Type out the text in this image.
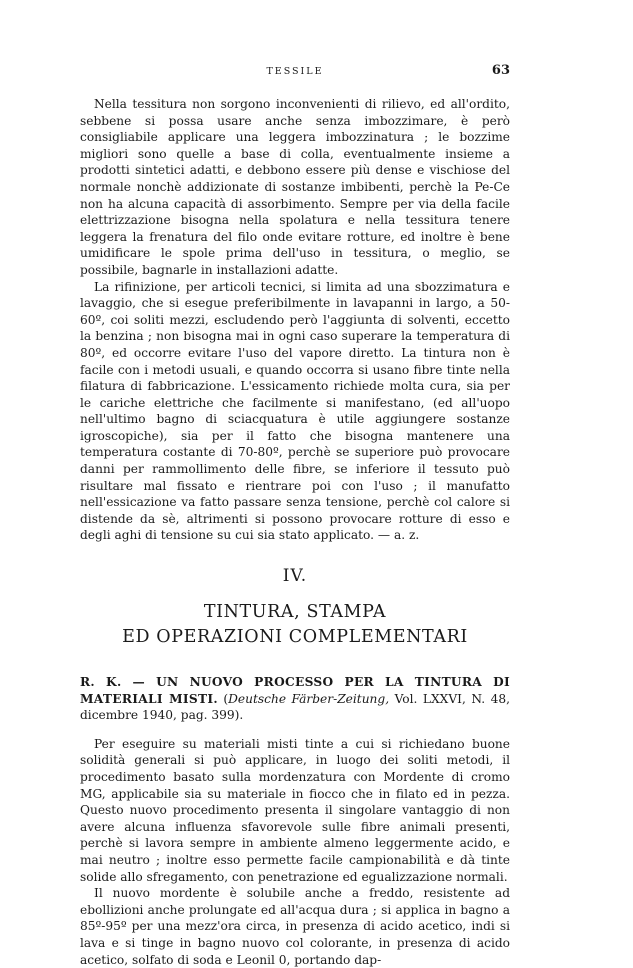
TESSILE	63

Nella tessitura non sorgono inconvenienti di rilievo, ed all'ordito, sebbene si possa usare anche senza imbozzimare, è però consigliabile applicare una leggera imbozzinatura ; le bozzime migliori sono quelle a base di colla, eventualmente insieme a prodotti sintetici adatti, e debbono essere più dense e vischiose del normale nonchè addizionate di sostanze imbibenti, perchè la Pe-Ce non ha alcuna capacità di assorbimento. Sempre per via della facile elettrizzazione bisogna nella spolatura e nella tessitura tenere leggera la frenatura del filo onde evitare rotture, ed inoltre è bene umidificare le spole prima dell'uso in tessitura, o meglio, se possibile, bagnarle in installazioni adatte.

La rifinizione, per articoli tecnici, si limita ad una sbozzimatura e lavaggio, che si esegue preferibilmente in lavapanni in largo, a 50-60º, coi soliti mezzi, escludendo però l'aggiunta di solventi, eccetto la benzina ; non bisogna mai in ogni caso superare la temperatura di 80º, ed occorre evitare l'uso del vapore diretto. La tintura non è facile con i metodi usuali, e quando occorra si usano fibre tinte nella filatura di fabbricazione. L'essicamento richiede molta cura, sia per le cariche elettriche che facilmente si manifestano, (ed all'uopo nell'ultimo bagno di sciacquatura è utile aggiungere sostanze igroscopiche), sia per il fatto che bisogna mantenere una temperatura costante di 70-80º, perchè se superiore può provocare danni per rammollimento delle fibre, se inferiore il tessuto può risultare mal fissato e rientrare poi con l'uso ; il manufatto nell'essicazione va fatto passare senza tensione, perchè col calore si distende da sè, altrimenti si possono provocare rotture di esso e degli aghi di tensione su cui sia stato applicato. — a. z.

IV.
TINTURA, STAMPA
ED OPERAZIONI COMPLEMENTARI
R. K. — UN NUOVO PROCESSO PER LA TINTURA DI MATERIALI MISTI. (Deutsche Färber-Zeitung, Vol. LXXVI, N. 48, dicembre 1940, pag. 399).

Per eseguire su materiali misti tinte a cui si richiedano buone solidità generali si può applicare, in luogo dei soliti metodi, il procedimento basato sulla mordenzatura con Mordente di cromo MG, applicabile sia su materiale in fiocco che in filato ed in pezza. Questo nuovo procedimento presenta il singolare vantaggio di non avere alcuna influenza sfavorevole sulle fibre animali presenti, perchè si lavora sempre in ambiente almeno leggermente acido, e mai neutro ; inoltre esso permette facile campionabilità e dà tinte solide allo sfregamento, con penetrazione ed egualizzazione normali.

Il nuovo mordente è solubile anche a freddo, resistente ad ebollizioni anche prolungate ed all'acqua dura ; si applica in bagno a 85º-95º per una mezz'ora circa, in presenza di acido acetico, indi si lava e si tinge in bagno nuovo col colorante, in presenza di acido acetico, solfato di soda e Leonil 0, portando dap-
